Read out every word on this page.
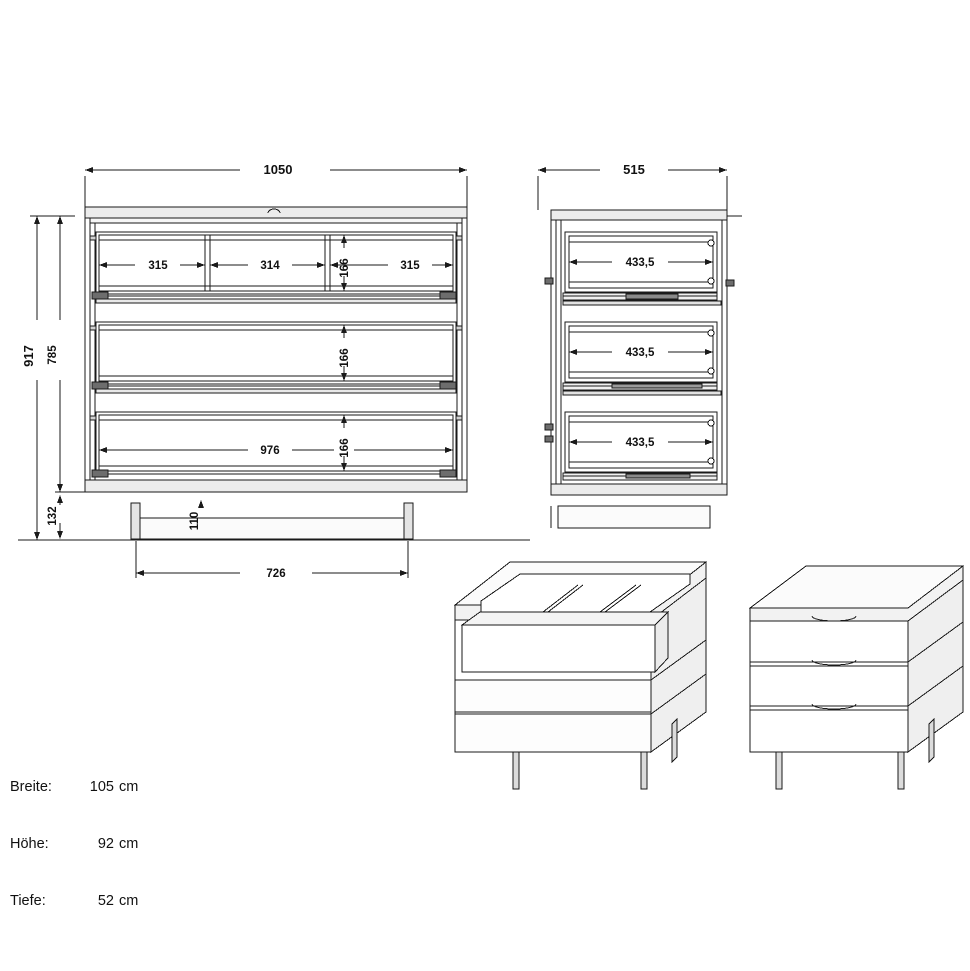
1050
917 785
132	110
315	314	315
166
166
166
976
726
515
433,5
433,5
433,5

Breite:	105 cm

Höhe:	92 cm

Tiefe:	52 cm
